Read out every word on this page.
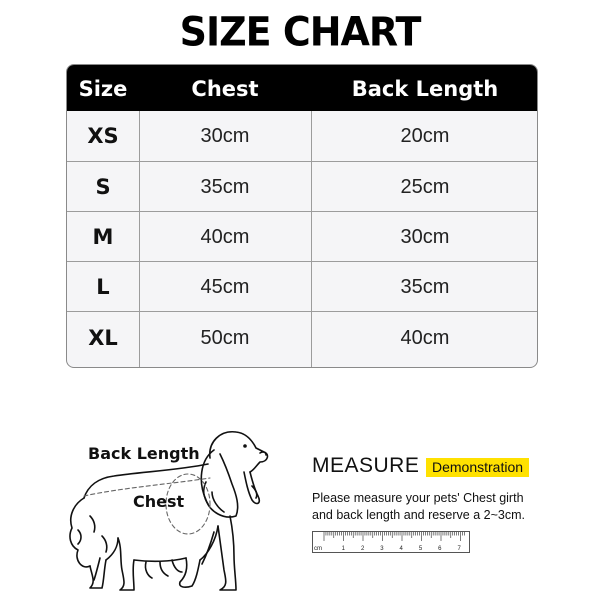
SIZE CHART
Size	Chest	Back Length
XS	30cm	20cm
S	35cm	25cm
M	40cm	30cm
L	45cm	35cm
XL	50cm	40cm
Back Length
Chest
MEASURE Demonstration
Please measure your pets' Chest girth
and back length and reserve a 2~3cm.
cm	1	2	3	4	5	6	7
